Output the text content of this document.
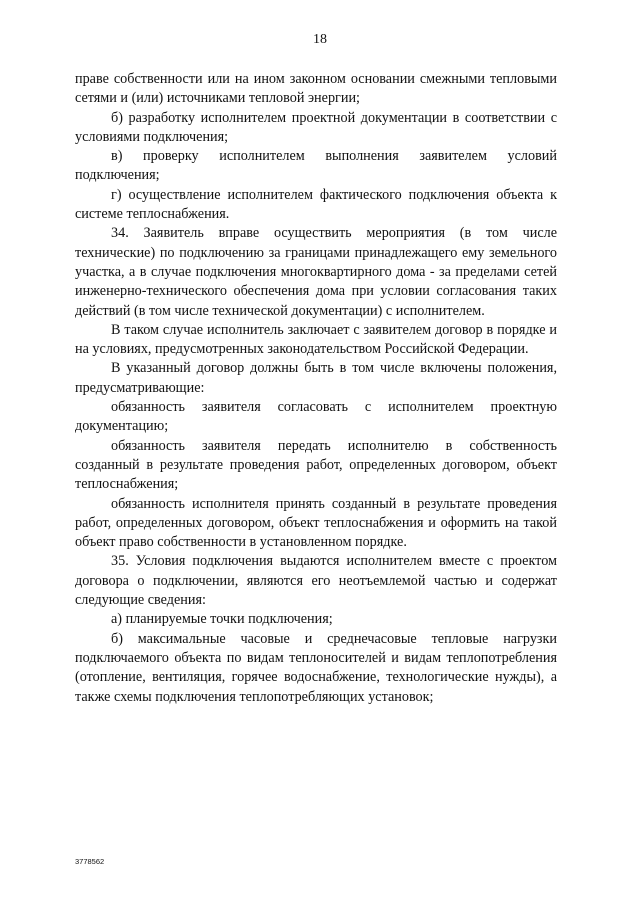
18

праве собственности или на ином законном основании смежными тепловыми сетями и (или) источниками тепловой энергии;

б) разработку исполнителем проектной документации в соответствии с условиями подключения;

в) проверку исполнителем выполнения заявителем условий подключения;

г) осуществление исполнителем фактического подключения объекта к системе теплоснабжения.

34. Заявитель вправе осуществить мероприятия (в том числе технические) по подключению за границами принадлежащего ему земельного участка, а в случае подключения многоквартирного дома - за пределами сетей инженерно-технического обеспечения дома при условии согласования таких действий (в том числе технической документации) с исполнителем.

В таком случае исполнитель заключает с заявителем договор в порядке и на условиях, предусмотренных законодательством Российской Федерации.

В указанный договор должны быть в том числе включены положения, предусматривающие:

обязанность заявителя согласовать с исполнителем проектную документацию;

обязанность заявителя передать исполнителю в собственность созданный в результате проведения работ, определенных договором, объект теплоснабжения;

обязанность исполнителя принять созданный в результате проведения работ, определенных договором, объект теплоснабжения и оформить на такой объект право собственности в установленном порядке.

35. Условия подключения выдаются исполнителем вместе с проектом договора о подключении, являются его неотъемлемой частью и содержат следующие сведения:

а) планируемые точки подключения;

б) максимальные часовые и среднечасовые тепловые нагрузки подключаемого объекта по видам теплоносителей и видам теплопотребления (отопление, вентиляция, горячее водоснабжение, технологические нужды), а также схемы подключения теплопотребляющих установок;

3778562
